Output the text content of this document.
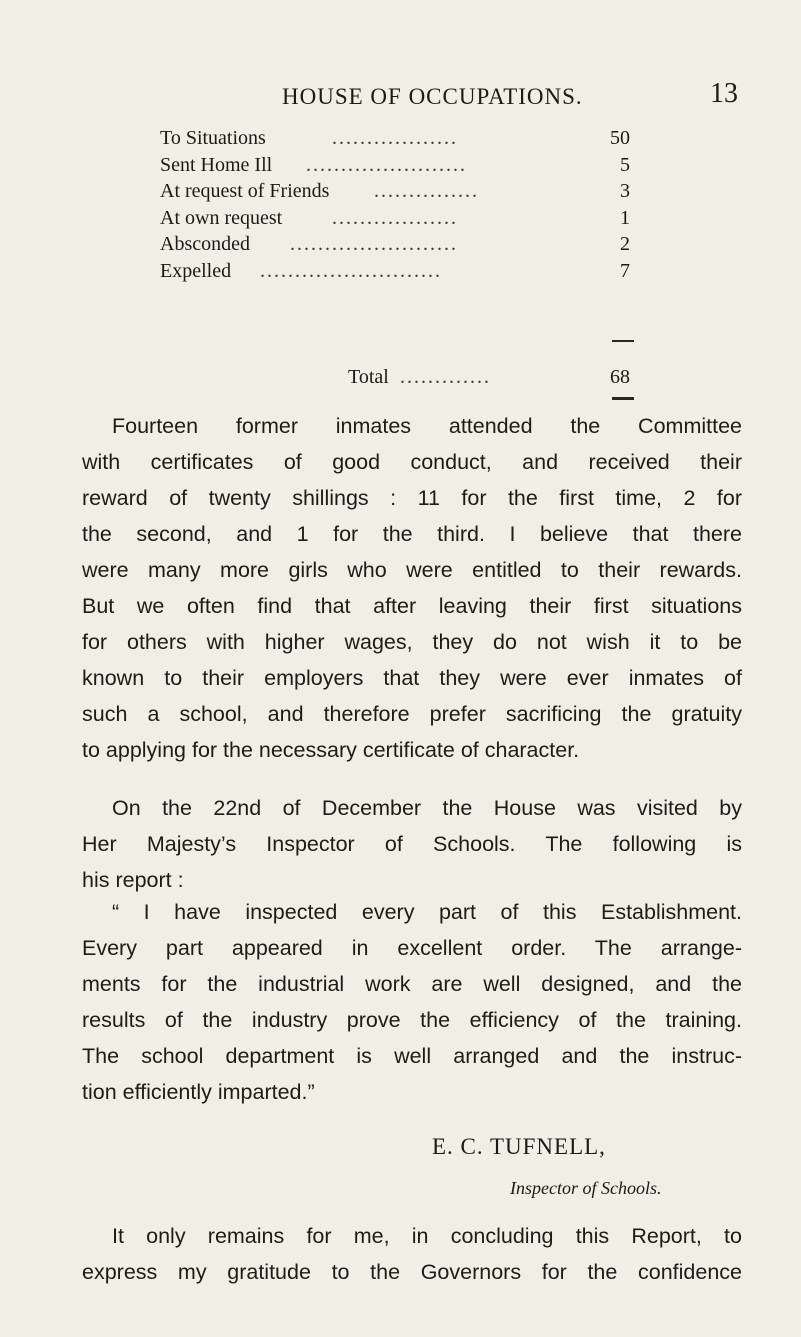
HOUSE OF OCCUPATIONS.	13
To Situations	..................	50
Sent Home Ill .......................	5
At request of Friends ...............	3
At own request ..................	1
Absconded ........................	2
Expelled ..........................	7
Total .............	68
Fourteen former inmates attended the Committee
with certificates of good conduct, and received their
reward of twenty shillings : 11 for the first time, 2 for
the second, and 1 for the third. I believe that there
were many more girls who were entitled to their rewards.
But we often find that after leaving their first situations
for others with higher wages, they do not wish it to be
known to their employers that they were ever inmates of
such a school, and therefore prefer sacrificing the gratuity
to applying for the necessary certificate of character.
On the 22nd of December the House was visited by
Her Majesty’s Inspector of Schools. The following is
his report :
“ I have inspected every part of this Establishment.
Every part appeared in excellent order. The arrange-
ments for the industrial work are well designed, and the
results of the industry prove the efficiency of the training.
The school department is well arranged and the instruc-
tion efficiently imparted.”
E. C. TUFNELL,
Inspector of Schools.
It only remains for me, in concluding this Report, to
express my gratitude to the Governors for the confidence
